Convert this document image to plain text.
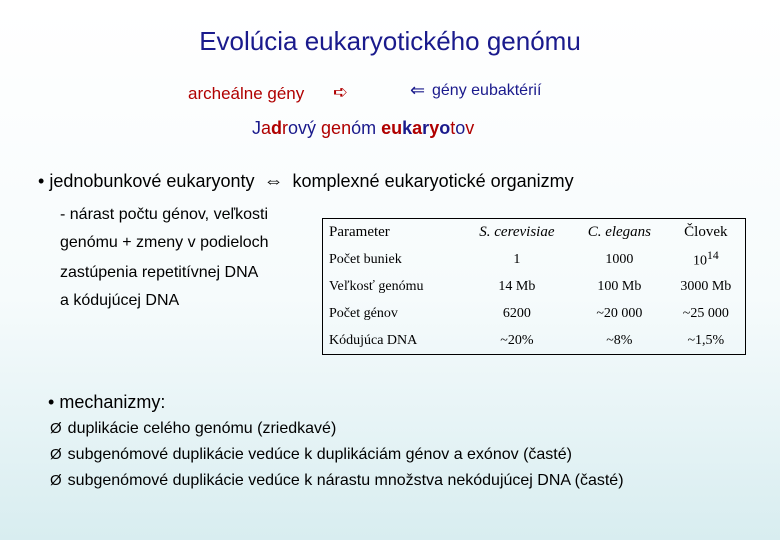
Evolúcia eukaryotického genómu
archeálne gény ➪	⇐ gény eubaktérií
Jadrový genóm eukaryotov
• jednobunkové eukaryonty ⇔ komplexné eukaryotické organizmy
- nárast počtu génov, veľkosti
genómu + zmeny v podieloch
zastúpenia repetitívnej DNA
a kódujúcej DNA
Parameter	S. cerevisiae	C. elegans	Človek
Počet buniek	1	1000	$10^{14}$
Veľkosť genómu	14 Mb	100 Mb	3000 Mb
Počet génov	6200	~20 000	~25 000
Kódujúca DNA	~20%	~8%	~1,5%
• mechanizmy:
Ø duplikácie celého genómu (zriedkavé)
Ø subgenómové duplikácie vedúce k duplikáciám génov a exónov (časté)
Ø subgenómové duplikácie vedúce k nárastu množstva nekódujúcej DNA (časté)
